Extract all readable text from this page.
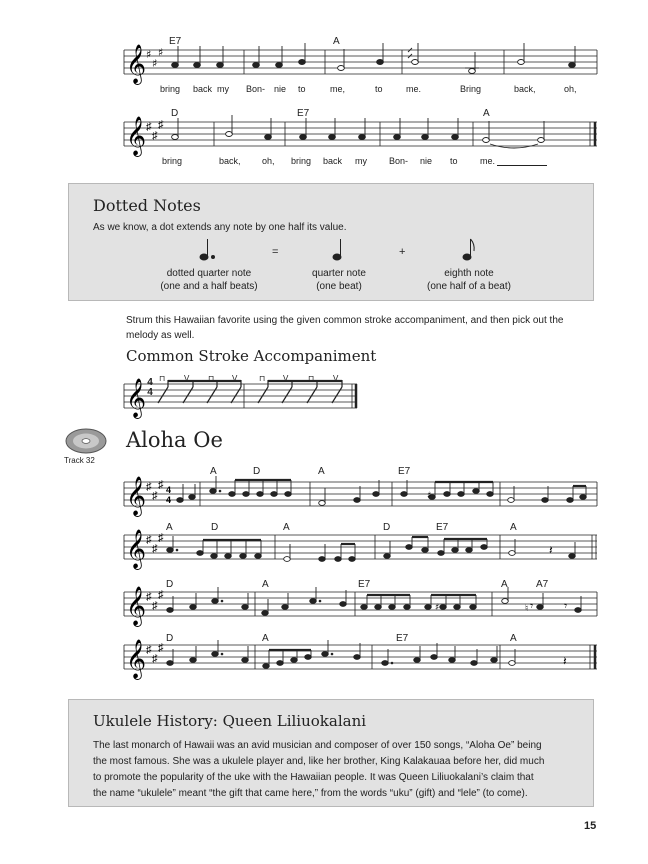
𝄞 ♯
♯
♯
E7	A
bring back my Bon- nie to	me,	to	me.	Bring	back,	oh,
𝄞 ♯
♯
♯
D	E7	A
bring	back, oh, bring back my Bon- nie to me.
Dotted Notes
As we know, a dot extends any note by one half its value.
=	+
dotted quarter note
(one and a half beats)
quarter note
(one beat)
eighth note
(one half of a beat)
Strum this Hawaiian favorite using the given common stroke accompaniment, and then pick out the melody as well.
Common Stroke Accompaniment
𝄞 4
4
⊓ V ⊓ V	⊓ V ⊓ V
Track 32
Aloha Oe
𝄞
𝄞
𝄞
𝄞
♯
♯
♯
♯
♯
♯
♯
♯
♯
♯
♯
♯
4
4
𝄽
𝄾	𝄾
𝄽
♯
♮
♯
A	D	A	E7
A	D	A	D	E7	A
D	A	E7	A	A7
D	A	E7	A
Ukulele History: Queen Liliuokalani
The last monarch of Hawaii was an avid musician and composer of over 150 songs, “Aloha Oe” being
the most famous. She was a ukulele player and, like her brother, King Kalakauaa before her, did much
to promote the popularity of the uke with the Hawaiian people. It was Queen Liliuokalani’s claim that
the name “ukulele” meant “the gift that came here,” from the words “uku” (gift) and “lele” (to come).
15
